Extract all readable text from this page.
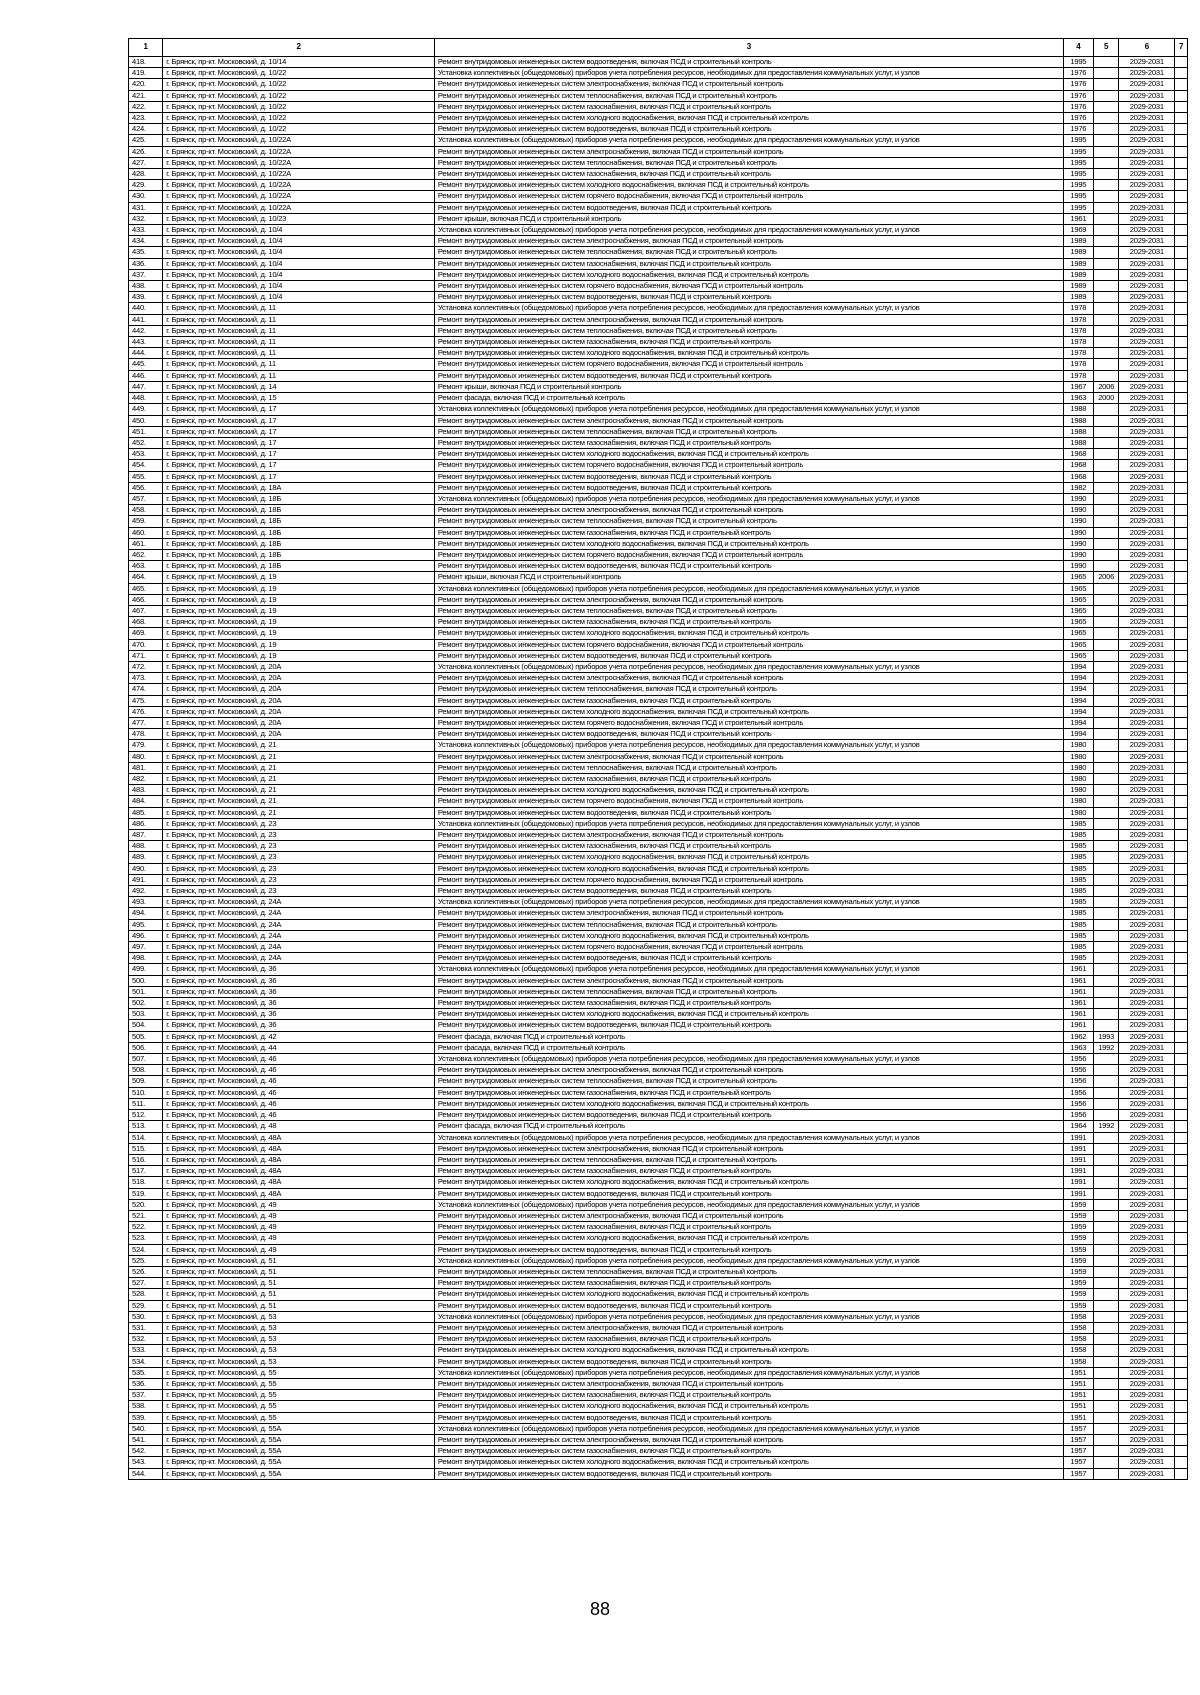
1	2	3	4	5	6	7
418.	г. Брянск, пр-кт. Московский, д. 10/14	Ремонт внутридомовых инженерных систем водоотведения, включая ПСД и строительный контроль	1995		2029-2031	
419.	г. Брянск, пр-кт. Московский, д. 10/22	Установка коллективных (общедомовых) приборов учета потребления ресурсов, необходимых для предоставления коммунальных услуг, и узлов	1976		2029-2031	
420.	г. Брянск, пр-кт. Московский, д. 10/22	Ремонт внутридомовых инженерных систем электроснабжения, включая ПСД и строительный контроль	1976		2029-2031	
421.	г. Брянск, пр-кт. Московский, д. 10/22	Ремонт внутридомовых инженерных систем теплоснабжения, включая ПСД и строительный контроль	1976		2029-2031	
422.	г. Брянск, пр-кт. Московский, д. 10/22	Ремонт внутридомовых инженерных систем газоснабжения, включая ПСД и строительный контроль	1976		2029-2031	
423.	г. Брянск, пр-кт. Московский, д. 10/22	Ремонт внутридомовых инженерных систем холодного водоснабжения, включая ПСД и строительный контроль	1976		2029-2031	
424.	г. Брянск, пр-кт. Московский, д. 10/22	Ремонт внутридомовых инженерных систем водоотведения, включая ПСД и строительный контроль	1976		2029-2031	
425.	г. Брянск, пр-кт. Московский, д. 10/22А	Установка коллективных (общедомовых) приборов учета потребления ресурсов, необходимых для предоставления коммунальных услуг, и узлов	1995		2029-2031	
426.	г. Брянск, пр-кт. Московский, д. 10/22А	Ремонт внутридомовых инженерных систем электроснабжения, включая ПСД и строительный контроль	1995		2029-2031	
427.	г. Брянск, пр-кт. Московский, д. 10/22А	Ремонт внутридомовых инженерных систем теплоснабжения, включая ПСД и строительный контроль	1995		2029-2031	
428.	г. Брянск, пр-кт. Московский, д. 10/22А	Ремонт внутридомовых инженерных систем газоснабжения, включая ПСД и строительный контроль	1995		2029-2031	
429.	г. Брянск, пр-кт. Московский, д. 10/22А	Ремонт внутридомовых инженерных систем холодного водоснабжения, включая ПСД и строительный контроль	1995		2029-2031	
430.	г. Брянск, пр-кт. Московский, д. 10/22А	Ремонт внутридомовых инженерных систем горячего водоснабжения, включая ПСД и строительный контроль	1995		2029-2031	
431.	г. Брянск, пр-кт. Московский, д. 10/22А	Ремонт внутридомовых инженерных систем водоотведения, включая ПСД и строительный контроль	1995		2029-2031	
432.	г. Брянск, пр-кт. Московский, д. 10/23	Ремонт крыши, включая ПСД и строительный контроль	1961		2029-2031	
433.	г. Брянск, пр-кт. Московский, д. 10/4	Установка коллективных (общедомовых) приборов учета потребления ресурсов, необходимых для предоставления коммунальных услуг, и узлов	1969		2029-2031	
434.	г. Брянск, пр-кт. Московский, д. 10/4	Ремонт внутридомовых инженерных систем электроснабжения, включая ПСД и строительный контроль	1989		2029-2031	
435.	г. Брянск, пр-кт. Московский, д. 10/4	Ремонт внутридомовых инженерных систем теплоснабжения, включая ПСД и строительный контроль	1989		2029-2031	
436.	г. Брянск, пр-кт. Московский, д. 10/4	Ремонт внутридомовых инженерных систем газоснабжения, включая ПСД и строительный контроль	1989		2029-2031	
437.	г. Брянск, пр-кт. Московский, д. 10/4	Ремонт внутридомовых инженерных систем холодного водоснабжения, включая ПСД и строительный контроль	1989		2029-2031	
438.	г. Брянск, пр-кт. Московский, д. 10/4	Ремонт внутридомовых инженерных систем горячего водоснабжения, включая ПСД и строительный контроль	1989		2029-2031	
439.	г. Брянск, пр-кт. Московский, д. 10/4	Ремонт внутридомовых инженерных систем водоотведения, включая ПСД и строительный контроль	1989		2029-2031	
440.	г. Брянск, пр-кт. Московский, д. 11	Установка коллективных (общедомовых) приборов учета потребления ресурсов, необходимых для предоставления коммунальных услуг, и узлов	1978		2029-2031	
441.	г. Брянск, пр-кт. Московский, д. 11	Ремонт внутридомовых инженерных систем электроснабжения, включая ПСД и строительный контроль	1978		2029-2031	
442.	г. Брянск, пр-кт. Московский, д. 11	Ремонт внутридомовых инженерных систем теплоснабжения, включая ПСД и строительный контроль	1978		2029-2031	
443.	г. Брянск, пр-кт. Московский, д. 11	Ремонт внутридомовых инженерных систем газоснабжения, включая ПСД и строительный контроль	1978		2029-2031	
444.	г. Брянск, пр-кт. Московский, д. 11	Ремонт внутридомовых инженерных систем холодного водоснабжения, включая ПСД и строительный контроль	1978		2029-2031	
445.	г. Брянск, пр-кт. Московский, д. 11	Ремонт внутридомовых инженерных систем горячего водоснабжения, включая ПСД и строительный контроль	1978		2029-2031	
446.	г. Брянск, пр-кт. Московский, д. 11	Ремонт внутридомовых инженерных систем водоотведения, включая ПСД и строительный контроль	1978		2029-2031	
447.	г. Брянск, пр-кт. Московский, д. 14	Ремонт крыши, включая ПСД и строительный контроль	1967	2006	2029-2031	
448.	г. Брянск, пр-кт. Московский, д. 15	Ремонт фасада, включая ПСД и строительный контроль	1963	2000	2029-2031	
449.	г. Брянск, пр-кт. Московский, д. 17	Установка коллективных (общедомовых) приборов учета потребления ресурсов, необходимых для предоставления коммунальных услуг, и узлов	1988		2029-2031	
450.	г. Брянск, пр-кт. Московский, д. 17	Ремонт внутридомовых инженерных систем электроснабжения, включая ПСД и строительный контроль	1988		2029-2031	
451.	г. Брянск, пр-кт. Московский, д. 17	Ремонт внутридомовых инженерных систем теплоснабжения, включая ПСД и строительный контроль	1988		2029-2031	
452.	г. Брянск, пр-кт. Московский, д. 17	Ремонт внутридомовых инженерных систем газоснабжения, включая ПСД и строительный контроль	1988		2029-2031	
453.	г. Брянск, пр-кт. Московский, д. 17	Ремонт внутридомовых инженерных систем холодного водоснабжения, включая ПСД и строительный контроль	1968		2029-2031	
454.	г. Брянск, пр-кт. Московский, д. 17	Ремонт внутридомовых инженерных систем горячего водоснабжения, включая ПСД и строительный контроль	1968		2029-2031	
455.	г. Брянск, пр-кт. Московский, д. 17	Ремонт внутридомовых инженерных систем водоотведения, включая ПСД и строительный контроль	1968		2029-2031	
456.	г. Брянск, пр-кт. Московский, д. 18А	Ремонт внутридомовых инженерных систем водоотведения, включая ПСД и строительный контроль	1982		2029-2031	
457.	г. Брянск, пр-кт. Московский, д. 18Б	Установка коллективных (общедомовых) приборов учета потребления ресурсов, необходимых для предоставления коммунальных услуг, и узлов	1990		2029-2031	
458.	г. Брянск, пр-кт. Московский, д. 18Б	Ремонт внутридомовых инженерных систем электроснабжения, включая ПСД и строительный контроль	1990		2029-2031	
459.	г. Брянск, пр-кт. Московский, д. 18Б	Ремонт внутридомовых инженерных систем теплоснабжения, включая ПСД и строительный контроль	1990		2029-2031	
460.	г. Брянск, пр-кт. Московский, д. 18Б	Ремонт внутридомовых инженерных систем газоснабжения, включая ПСД и строительный контроль	1990		2029-2031	
461.	г. Брянск, пр-кт. Московский, д. 18Б	Ремонт внутридомовых инженерных систем холодного водоснабжения, включая ПСД и строительный контроль	1990		2029-2031	
462.	г. Брянск, пр-кт. Московский, д. 18Б	Ремонт внутридомовых инженерных систем горячего водоснабжения, включая ПСД и строительный контроль	1990		2029-2031	
463.	г. Брянск, пр-кт. Московский, д. 18Б	Ремонт внутридомовых инженерных систем водоотведения, включая ПСД и строительный контроль	1990		2029-2031	
464.	г. Брянск, пр-кт. Московский, д. 19	Ремонт крыши, включая ПСД и строительный контроль	1965	2006	2029-2031	
465.	г. Брянск, пр-кт. Московский, д. 19	Установка коллективных (общедомовых) приборов учета потребления ресурсов, необходимых для предоставления коммунальных услуг, и узлов	1965		2029-2031	
466.	г. Брянск, пр-кт. Московский, д. 19	Ремонт внутридомовых инженерных систем электроснабжения, включая ПСД и строительный контроль	1965		2029-2031	
467.	г. Брянск, пр-кт. Московский, д. 19	Ремонт внутридомовых инженерных систем теплоснабжения, включая ПСД и строительный контроль	1965		2029-2031	
468.	г. Брянск, пр-кт. Московский, д. 19	Ремонт внутридомовых инженерных систем газоснабжения, включая ПСД и строительный контроль	1965		2029-2031	
469.	г. Брянск, пр-кт. Московский, д. 19	Ремонт внутридомовых инженерных систем холодного водоснабжения, включая ПСД и строительный контроль	1965		2029-2031	
470.	г. Брянск, пр-кт. Московский, д. 19	Ремонт внутридомовых инженерных систем горячего водоснабжения, включая ПСД и строительный контроль	1965		2029-2031	
471.	г. Брянск, пр-кт. Московский, д. 19	Ремонт внутридомовых инженерных систем водоотведения, включая ПСД и строительный контроль	1965		2029-2031	
472.	г. Брянск, пр-кт. Московский, д. 20А	Установка коллективных (общедомовых) приборов учета потребления ресурсов, необходимых для предоставления коммунальных услуг, и узлов	1994		2029-2031	
473.	г. Брянск, пр-кт. Московский, д. 20А	Ремонт внутридомовых инженерных систем электроснабжения, включая ПСД и строительный контроль	1994		2029-2031	
474.	г. Брянск, пр-кт. Московский, д. 20А	Ремонт внутридомовых инженерных систем теплоснабжения, включая ПСД и строительный контроль	1994		2029-2031	
475.	г. Брянск, пр-кт. Московский, д. 20А	Ремонт внутридомовых инженерных систем газоснабжения, включая ПСД и строительный контроль	1994		2029-2031	
476.	г. Брянск, пр-кт. Московский, д. 20А	Ремонт внутридомовых инженерных систем холодного водоснабжения, включая ПСД и строительный контроль	1994		2029-2031	
477.	г. Брянск, пр-кт. Московский, д. 20А	Ремонт внутридомовых инженерных систем горячего водоснабжения, включая ПСД и строительный контроль	1994		2029-2031	
478.	г. Брянск, пр-кт. Московский, д. 20А	Ремонт внутридомовых инженерных систем водоотведения, включая ПСД и строительный контроль	1994		2029-2031	
479.	г. Брянск, пр-кт. Московский, д. 21	Установка коллективных (общедомовых) приборов учета потребления ресурсов, необходимых для предоставления коммунальных услуг, и узлов	1980		2029-2031	
480.	г. Брянск, пр-кт. Московский, д. 21	Ремонт внутридомовых инженерных систем электроснабжения, включая ПСД и строительный контроль	1980		2029-2031	
481.	г. Брянск, пр-кт. Московский, д. 21	Ремонт внутридомовых инженерных систем теплоснабжения, включая ПСД и строительный контроль	1980		2029-2031	
482.	г. Брянск, пр-кт. Московский, д. 21	Ремонт внутридомовых инженерных систем газоснабжения, включая ПСД и строительный контроль	1980		2029-2031	
483.	г. Брянск, пр-кт. Московский, д. 21	Ремонт внутридомовых инженерных систем холодного водоснабжения, включая ПСД и строительный контроль	1980		2029-2031	
484.	г. Брянск, пр-кт. Московский, д. 21	Ремонт внутридомовых инженерных систем горячего водоснабжения, включая ПСД и строительный контроль	1980		2029-2031	
485.	г. Брянск, пр-кт. Московский, д. 21	Ремонт внутридомовых инженерных систем водоотведения, включая ПСД и строительный контроль	1980		2029-2031	
486.	г. Брянск, пр-кт. Московский, д. 23	Установка коллективных (общедомовых) приборов учета потребления ресурсов, необходимых для предоставления коммунальных услуг, и узлов	1985		2029-2031	
487.	г. Брянск, пр-кт. Московский, д. 23	Ремонт внутридомовых инженерных систем электроснабжения, включая ПСД и строительный контроль	1985		2029-2031	
488.	г. Брянск, пр-кт. Московский, д. 23	Ремонт внутридомовых инженерных систем газоснабжения, включая ПСД и строительный контроль	1985		2029-2031	
489.	г. Брянск, пр-кт. Московский, д. 23	Ремонт внутридомовых инженерных систем холодного водоснабжения, включая ПСД и строительный контроль	1985		2029-2031	
490.	г. Брянск, пр-кт. Московский, д. 23	Ремонт внутридомовых инженерных систем холодного водоснабжения, включая ПСД и строительный контроль	1985		2029-2031	
491.	г. Брянск, пр-кт. Московский, д. 23	Ремонт внутридомовых инженерных систем горячего водоснабжения, включая ПСД и строительный контроль	1985		2029-2031	
492.	г. Брянск, пр-кт. Московский, д. 23	Ремонт внутридомовых инженерных систем водоотведения, включая ПСД и строительный контроль	1985		2029-2031	
493.	г. Брянск, пр-кт. Московский, д. 24А	Установка коллективных (общедомовых) приборов учета потребления ресурсов, необходимых для предоставления коммунальных услуг, и узлов	1985		2029-2031	
494.	г. Брянск, пр-кт. Московский, д. 24А	Ремонт внутридомовых инженерных систем электроснабжения, включая ПСД и строительный контроль	1985		2029-2031	
495.	г. Брянск, пр-кт. Московский, д. 24А	Ремонт внутридомовых инженерных систем теплоснабжения, включая ПСД и строительный контроль	1985		2029-2031	
496.	г. Брянск, пр-кт. Московский, д. 24А	Ремонт внутридомовых инженерных систем холодного водоснабжения, включая ПСД и строительный контроль	1985		2029-2031	
497.	г. Брянск, пр-кт. Московский, д. 24А	Ремонт внутридомовых инженерных систем горячего водоснабжения, включая ПСД и строительный контроль	1985		2029-2031	
498.	г. Брянск, пр-кт. Московский, д. 24А	Ремонт внутридомовых инженерных систем водоотведения, включая ПСД и строительный контроль	1985		2029-2031	
499.	г. Брянск, пр-кт. Московский, д. 36	Установка коллективных (общедомовых) приборов учета потребления ресурсов, необходимых для предоставления коммунальных услуг, и узлов	1961		2029-2031	
500.	г. Брянск, пр-кт. Московский, д. 36	Ремонт внутридомовых инженерных систем электроснабжения, включая ПСД и строительный контроль	1961		2029-2031	
501.	г. Брянск, пр-кт. Московский, д. 36	Ремонт внутридомовых инженерных систем теплоснабжения, включая ПСД и строительный контроль	1961		2029-2031	
502.	г. Брянск, пр-кт. Московский, д. 36	Ремонт внутридомовых инженерных систем газоснабжения, включая ПСД и строительный контроль	1961		2029-2031	
503.	г. Брянск, пр-кт. Московский, д. 36	Ремонт внутридомовых инженерных систем холодного водоснабжения, включая ПСД и строительный контроль	1961		2029-2031	
504.	г. Брянск, пр-кт. Московский, д. 36	Ремонт внутридомовых инженерных систем водоотведения, включая ПСД и строительный контроль	1961		2029-2031	
505.	г. Брянск, пр-кт. Московский, д. 42	Ремонт фасада, включая ПСД и строительный контроль	1962	1993	2029-2031	
506.	г. Брянск, пр-кт. Московский, д. 44	Ремонт фасада, включая ПСД и строительный контроль	1963	1992	2029-2031	
507.	г. Брянск, пр-кт. Московский, д. 46	Установка коллективных (общедомовых) приборов учета потребления ресурсов, необходимых для предоставления коммунальных услуг, и узлов	1956		2029-2031	
508.	г. Брянск, пр-кт. Московский, д. 46	Ремонт внутридомовых инженерных систем электроснабжения, включая ПСД и строительный контроль	1956		2029-2031	
509.	г. Брянск, пр-кт. Московский, д. 46	Ремонт внутридомовых инженерных систем теплоснабжения, включая ПСД и строительный контроль	1956		2029-2031	
510.	г. Брянск, пр-кт. Московский, д. 46	Ремонт внутридомовых инженерных систем газоснабжения, включая ПСД и строительный контроль	1956		2029-2031	
511.	г. Брянск, пр-кт. Московский, д. 46	Ремонт внутридомовых инженерных систем холодного водоснабжения, включая ПСД и строительный контроль	1956		2029-2031	
512.	г. Брянск, пр-кт. Московский, д. 46	Ремонт внутридомовых инженерных систем водоотведения, включая ПСД и строительный контроль	1956		2029-2031	
513.	г. Брянск, пр-кт. Московский, д. 48	Ремонт фасада, включая ПСД и строительный контроль	1964	1992	2029-2031	
514.	г. Брянск, пр-кт. Московский, д. 48А	Установка коллективных (общедомовых) приборов учета потребления ресурсов, необходимых для предоставления коммунальных услуг, и узлов	1991		2029-2031	
515.	г. Брянск, пр-кт. Московский, д. 48А	Ремонт внутридомовых инженерных систем электроснабжения, включая ПСД и строительный контроль	1991		2029-2031	
516.	г. Брянск, пр-кт. Московский, д. 48А	Ремонт внутридомовых инженерных систем теплоснабжения, включая ПСД и строительный контроль	1991		2029-2031	
517.	г. Брянск, пр-кт. Московский, д. 48А	Ремонт внутридомовых инженерных систем газоснабжения, включая ПСД и строительный контроль	1991		2029-2031	
518.	г. Брянск, пр-кт. Московский, д. 48А	Ремонт внутридомовых инженерных систем холодного водоснабжения, включая ПСД и строительный контроль	1991		2029-2031	
519.	г. Брянск, пр-кт. Московский, д. 48А	Ремонт внутридомовых инженерных систем водоотведения, включая ПСД и строительный контроль	1991		2029-2031	
520.	г. Брянск, пр-кт. Московский, д. 49	Установка коллективных (общедомовых) приборов учета потребления ресурсов, необходимых для предоставления коммунальных услуг, и узлов	1959		2029-2031	
521.	г. Брянск, пр-кт. Московский, д. 49	Ремонт внутридомовых инженерных систем электроснабжения, включая ПСД и строительный контроль	1959		2029-2031	
522.	г. Брянск, пр-кт. Московский, д. 49	Ремонт внутридомовых инженерных систем газоснабжения, включая ПСД и строительный контроль	1959		2029-2031	
523.	г. Брянск, пр-кт. Московский, д. 49	Ремонт внутридомовых инженерных систем холодного водоснабжения, включая ПСД и строительный контроль	1959		2029-2031	
524.	г. Брянск, пр-кт. Московский, д. 49	Ремонт внутридомовых инженерных систем водоотведения, включая ПСД и строительный контроль	1959		2029-2031	
525.	г. Брянск, пр-кт. Московский, д. 51	Установка коллективных (общедомовых) приборов учета потребления ресурсов, необходимых для предоставления коммунальных услуг, и узлов	1959		2029-2031	
526.	г. Брянск, пр-кт. Московский, д. 51	Ремонт внутридомовых инженерных систем теплоснабжения, включая ПСД и строительный контроль	1959		2029-2031	
527.	г. Брянск, пр-кт. Московский, д. 51	Ремонт внутридомовых инженерных систем газоснабжения, включая ПСД и строительный контроль	1959		2029-2031	
528.	г. Брянск, пр-кт. Московский, д. 51	Ремонт внутридомовых инженерных систем холодного водоснабжения, включая ПСД и строительный контроль	1959		2029-2031	
529.	г. Брянск, пр-кт. Московский, д. 51	Ремонт внутридомовых инженерных систем водоотведения, включая ПСД и строительный контроль	1959		2029-2031	
530.	г. Брянск, пр-кт. Московский, д. 53	Установка коллективных (общедомовых) приборов учета потребления ресурсов, необходимых для предоставления коммунальных услуг, и узлов	1958		2029-2031	
531.	г. Брянск, пр-кт. Московский, д. 53	Ремонт внутридомовых инженерных систем электроснабжения, включая ПСД и строительный контроль	1958		2029-2031	
532.	г. Брянск, пр-кт. Московский, д. 53	Ремонт внутридомовых инженерных систем газоснабжения, включая ПСД и строительный контроль	1958		2029-2031	
533.	г. Брянск, пр-кт. Московский, д. 53	Ремонт внутридомовых инженерных систем холодного водоснабжения, включая ПСД и строительный контроль	1958		2029-2031	
534.	г. Брянск, пр-кт. Московский, д. 53	Ремонт внутридомовых инженерных систем водоотведения, включая ПСД и строительный контроль	1958		2029-2031	
535.	г. Брянск, пр-кт. Московский, д. 55	Установка коллективных (общедомовых) приборов учета потребления ресурсов, необходимых для предоставления коммунальных услуг, и узлов	1951		2029-2031	
536.	г. Брянск, пр-кт. Московский, д. 55	Ремонт внутридомовых инженерных систем электроснабжения, включая ПСД и строительный контроль	1951		2029-2031	
537.	г. Брянск, пр-кт. Московский, д. 55	Ремонт внутридомовых инженерных систем газоснабжения, включая ПСД и строительный контроль	1951		2029-2031	
538.	г. Брянск, пр-кт. Московский, д. 55	Ремонт внутридомовых инженерных систем холодного водоснабжения, включая ПСД и строительный контроль	1951		2029-2031	
539.	г. Брянск, пр-кт. Московский, д. 55	Ремонт внутридомовых инженерных систем водоотведения, включая ПСД и строительный контроль	1951		2029-2031	
540.	г. Брянск, пр-кт. Московский, д. 55А	Установка коллективных (общедомовых) приборов учета потребления ресурсов, необходимых для предоставления коммунальных услуг, и узлов	1957		2029-2031	
541.	г. Брянск, пр-кт. Московский, д. 55А	Ремонт внутридомовых инженерных систем электроснабжения, включая ПСД и строительный контроль	1957		2029-2031	
542.	г. Брянск, пр-кт. Московский, д. 55А	Ремонт внутридомовых инженерных систем газоснабжения, включая ПСД и строительный контроль	1957		2029-2031	
543.	г. Брянск, пр-кт. Московский, д. 55А	Ремонт внутридомовых инженерных систем холодного водоснабжения, включая ПСД и строительный контроль	1957		2029-2031	
544.	г. Брянск, пр-кт. Московский, д. 55А	Ремонт внутридомовых инженерных систем водоотведения, включая ПСД и строительный контроль	1957		2029-2031	
88
